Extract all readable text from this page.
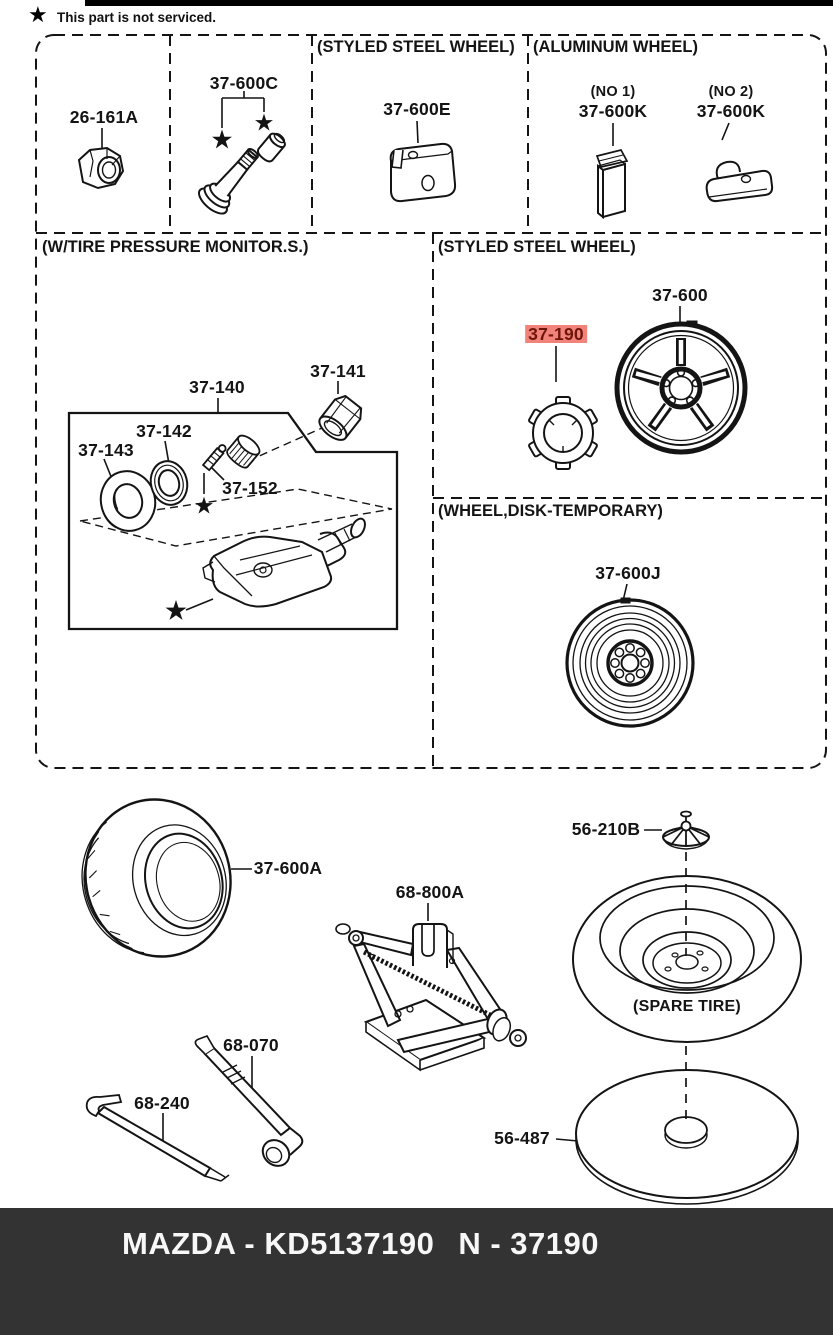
★ This part is not serviced.
(STYLED STEEL WHEEL) (ALUMINUM WHEEL)
(W/TIRE PRESSURE MONITOR.S.)	(STYLED STEEL WHEEL)
(WHEEL,DISK-TEMPORARY)
26-161A
37-600C
37-600E
(NO 1)
37-600K
(NO 2)
37-600K
37-140
37-141
37-142
37-143
37-152
37-190
37-600
37-600J
37-600A
68-800A
68-070
68-240
56-210B
(SPARE TIRE)
56-487
MAZDA - KD5137190 N - 37190
